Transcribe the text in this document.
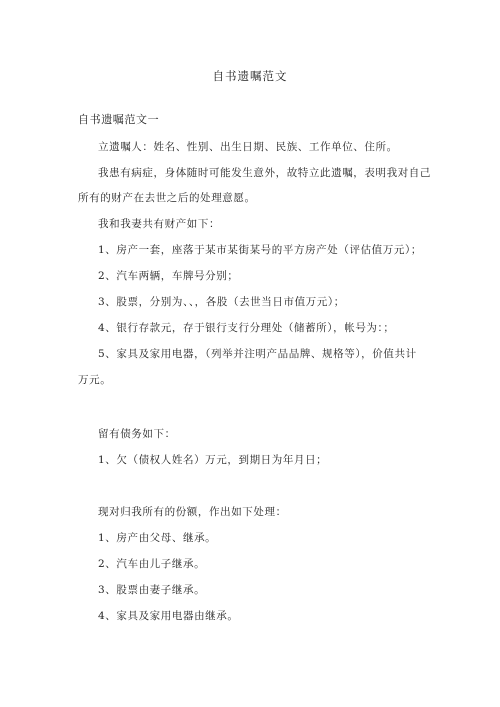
自书遗嘱范文
自书遗嘱范文一
立遗嘱人：姓名、性别、出生日期、民族、工作单位、住所。
我患有病症，身体随时可能发生意外，故特立此遗嘱，表明我对自己
所有的财产在去世之后的处理意愿。
我和我妻共有财产如下：
1、房产一套，座落于某市某街某号的平方房产处（评估值万元）；
2、汽车两辆，车牌号分别；
3、股票，分别为、、，各股（去世当日市值万元）；
4、银行存款元，存于银行支行分理处（储蓄所），帐号为：；
5、家具及家用电器，（列举并注明产品品牌、规格等），价值共计
万元。
留有债务如下：
1、欠（债权人姓名）万元，到期日为年月日；
现对归我所有的份额，作出如下处理：
1、房产由父母、继承。
2、汽车由儿子继承。
3、股票由妻子继承。
4、家具及家用电器由继承。
